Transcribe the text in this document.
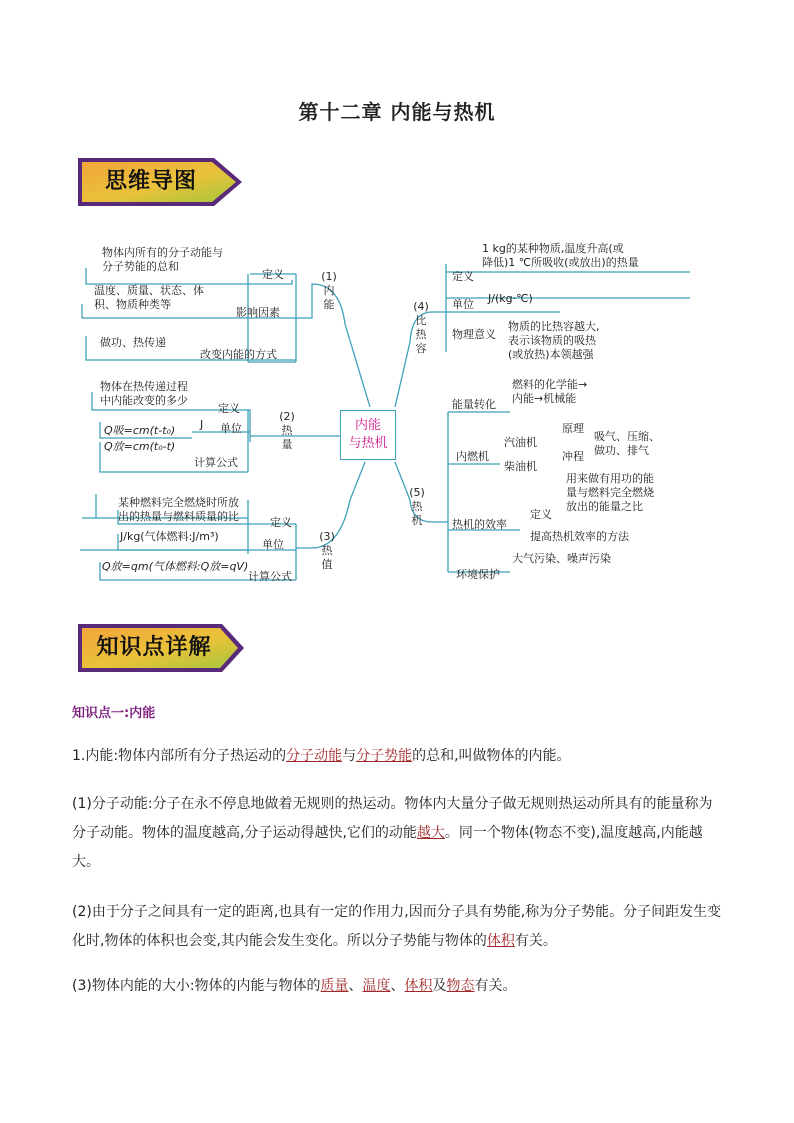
第十二章 内能与热机
思维导图
内能
与热机
(1)
内
能
物体内所有的分子动能与
分子势能的总和
定义
温度、质量、状态、体
积、物质种类等
影响因素
做功、热传递
改变内能的方式
(2)
热
量
物体在热传递过程
中内能改变的多少
定义
J 单位
Q吸=cm(t-t₀)
Q放=cm(t₀-t)
计算公式
(3)
热
值
某种燃料完全燃烧时所放
出的热量与燃料质量的比	定义
J/kg(气体燃料:J/m³)
单位
Q放=qm(气体燃料:Q放=qV)
计算公式
(4)
比
热
容
定义
1 kg的某种物质,温度升高(或
降低)1 ℃所吸收(或放出)的热量
单位 J/(kg·℃)
物理意义
物质的比热容越大,
表示该物质的吸热
(或放热)本领越强
(5)
热
机
能量转化
燃料的化学能→
内能→机械能
内燃机
汽油机
柴油机
原理
冲程
吸气、压缩、
做功、排气
热机的效率
定义
用来做有用功的能
量与燃料完全燃烧
放出的能量之比
提高热机效率的方法
环境保护
大气污染、噪声污染
知识点详解
知识点一:内能
1.内能:物体内部所有分子热运动的分子动能与分子势能的总和,叫做物体的内能。
(1)分子动能:分子在永不停息地做着无规则的热运动。物体内大量分子做无规则热运动所具有的能量称为分子动能。物体的温度越高,分子运动得越快,它们的动能越大。同一个物体(物态不变),温度越高,内能越大。
(2)由于分子之间具有一定的距离,也具有一定的作用力,因而分子具有势能,称为分子势能。分子间距发生变化时,物体的体积也会变,其内能会发生变化。所以分子势能与物体的体积有关。
(3)物体内能的大小:物体的内能与物体的质量、温度、体积及物态有关。
